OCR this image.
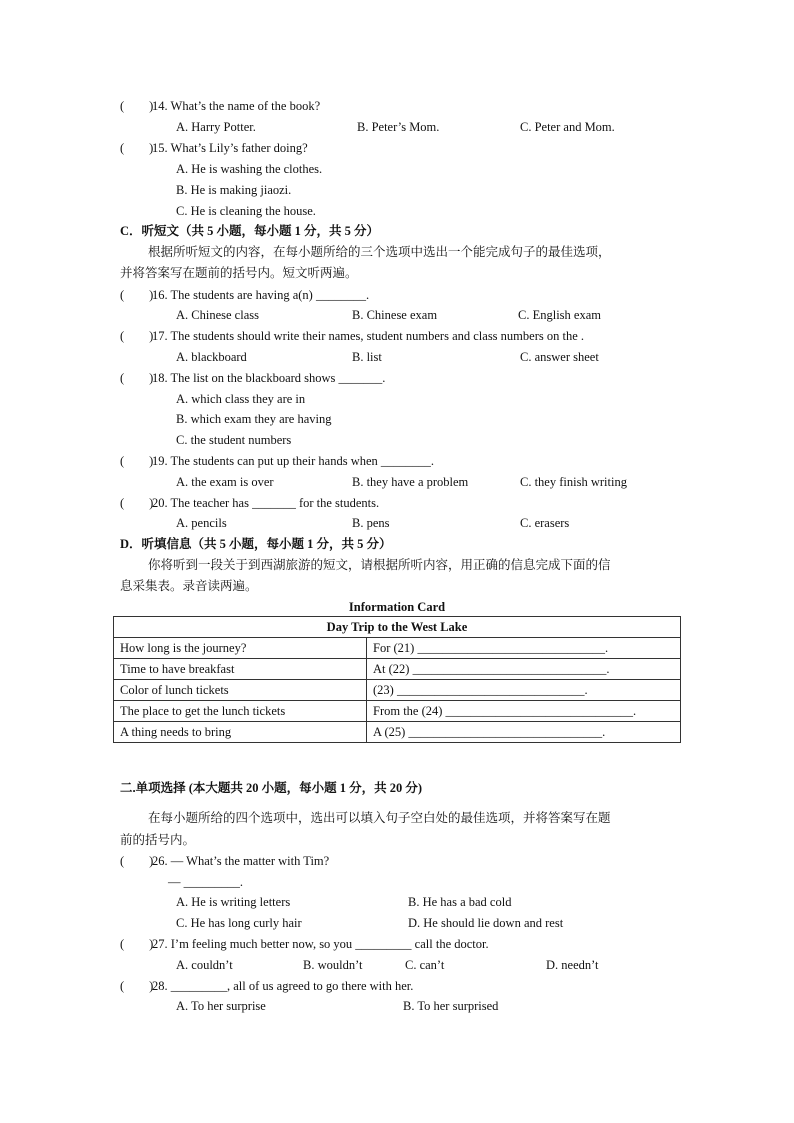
(　　)
14. What’s the name of the book?
A. Harry Potter.	B. Peter’s Mom.	C. Peter and Mom.
(　　)
15. What’s Lily’s father doing?
A. He is washing the clothes.
B. He is making jiaozi.
C. He is cleaning the house.
C．听短文（共 5 小题，每小题 1 分，共 5 分）
根据所听短文的内容，在每小题所给的三个选项中选出一个能完成句子的最佳选项，
并将答案写在题前的括号内。短文听两遍。
(　　)
16. The students are having a(n) ________.
A. Chinese class	B. Chinese exam	C. English exam
(　　)
17. The students should write their names, student numbers and class numbers on the .
A. blackboard	B. list	C. answer sheet
(　　)
18. The list on the blackboard shows _______.
A. which class they are in
B. which exam they are having
C. the student numbers
(　　)
19. The students can put up their hands when ________.
A. the exam is over	B. they have a problem	C. they finish writing
(　　)
20. The teacher has _______ for the students.
A. pencils	B. pens	C. erasers
D．听填信息（共 5 小题，每小题 1 分，共 5 分）
你将听到一段关于到西湖旅游的短文，请根据所听内容，用正确的信息完成下面的信
息采集表。录音读两遍。
Information Card
Day Trip to the West Lake	
How long is the journey?	For (21) ______________________________.
Time to have breakfast	At (22) _______________________________.
Color of lunch tickets	(23) ______________________________.
The place to get the lunch tickets	From the (24) ______________________________.
A thing needs to bring	A (25) _______________________________.
二.单项选择 (本大题共 20 小题，每小题 1 分，共 20 分)
在每小题所给的四个选项中，选出可以填入句子空白处的最佳选项，并将答案写在题
前的括号内。
(　　)
26. — What’s the matter with Tim?
— _________.
A. He is writing letters	B. He has a bad cold
C. He has long curly hair	D. He should lie down and rest
(　　)
27. I’m feeling much better now, so you _________ call the doctor.
A. couldn’t	B. wouldn’t	C. can’t	D. needn’t
(　　)
28. _________, all of us agreed to go there with her.
A. To her surprise	B. To her surprised
